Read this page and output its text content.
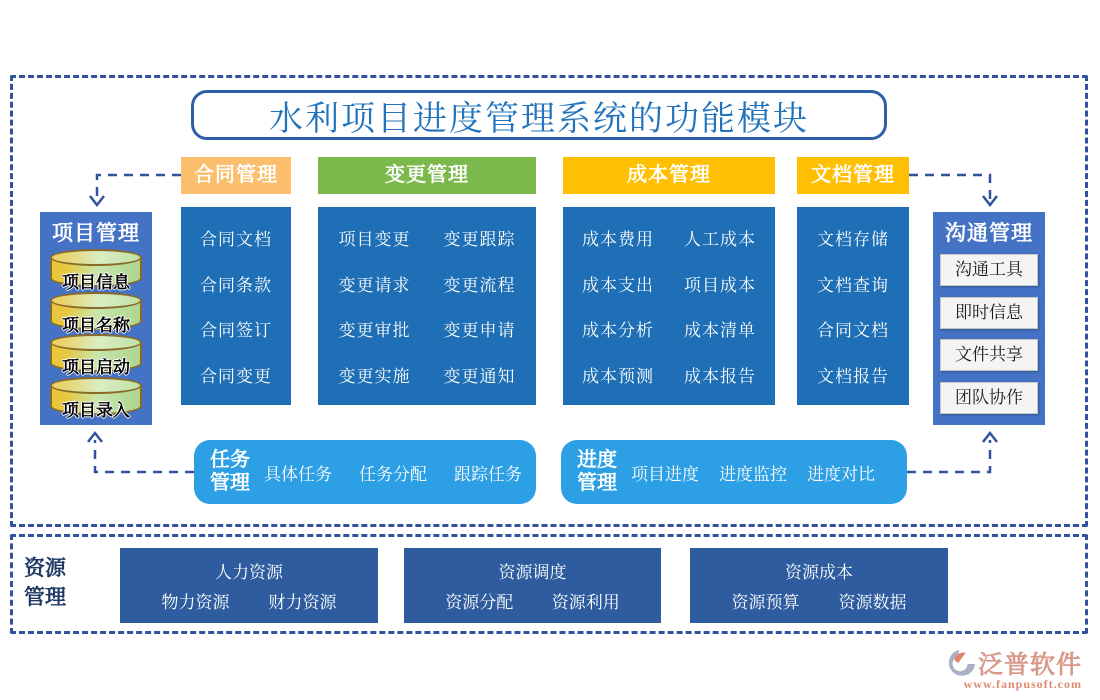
水利项目进度管理系统的功能模块
合同管理	变更管理	成本管理	文档管理
合同文档
合同条款
合同签订
合同变更
项目变更 变更跟踪
变更请求 变更流程
变更审批 变更申请
变更实施 变更通知
成本费用 人工成本
成本支出 项目成本
成本分析 成本清单
成本预测 成本报告
文档存储
文档查询
合同文档
文档报告
项目管理
项目信息
项目名称
项目启动
项目录入
沟通管理
沟通工具
即时信息
文件共享
团队协作
任务
管理 具体任务 任务分配 跟踪任务
进度
管理 项目进度 进度监控 进度对比
资源
管理
人力资源
物力资源 财力资源
资源调度
资源分配 资源利用
资源成本
资源预算 资源数据
泛普软件
www.fanpusoft.com
